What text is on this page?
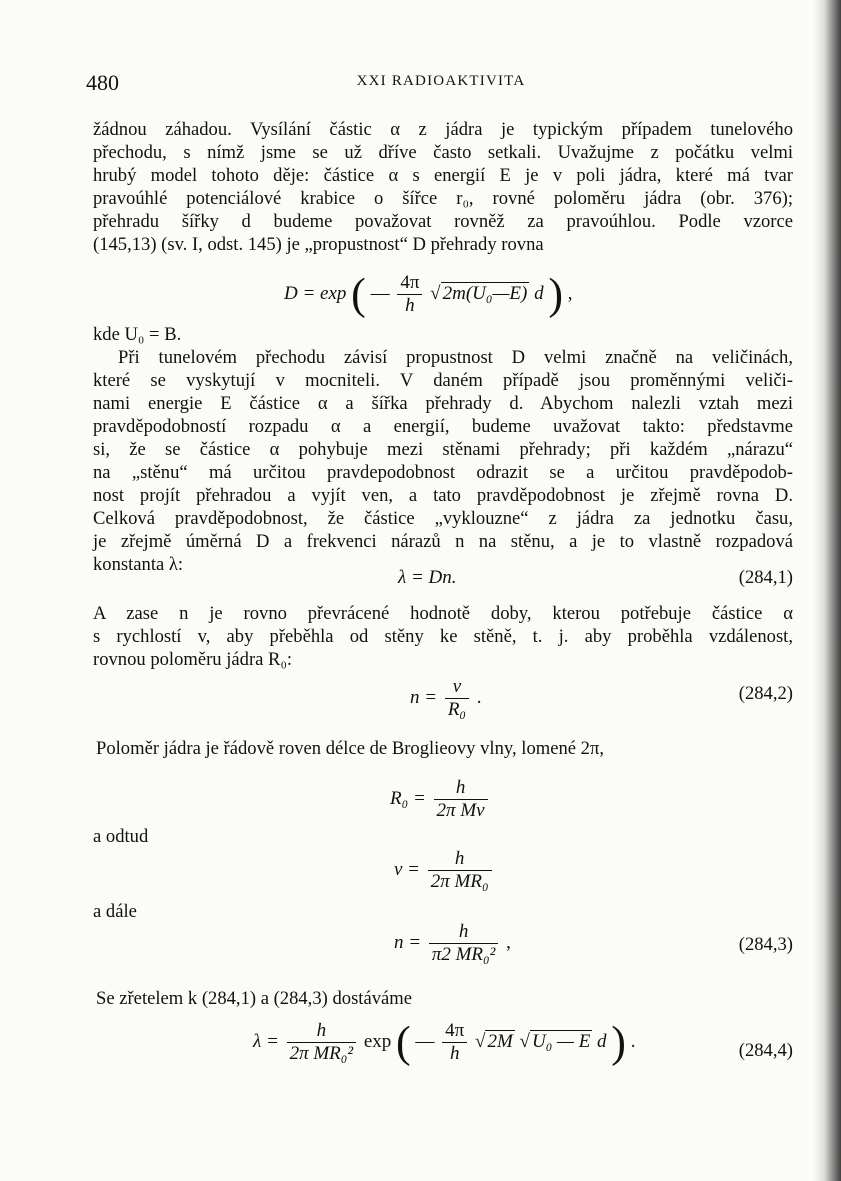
480	XXI RADIOAKTIVITA
žádnou záhadou. Vysílání částic α z jádra je typickým případem tunelového
přechodu, s nímž jsme se už dříve často setkali. Uvažujme z počátku velmi
hrubý model tohoto děje: částice α s energií E je v poli jádra, které má tvar
pravoúhlé potenciálové krabice o šířce r₀, rovné poloměru jádra (obr. 376);
přehradu šířky d budeme považovat rovněž za pravoúhlou. Podle vzorce
(145,13) (sv. I, odst. 145) je „propustnost“ D přehrady rovna
D = exp ( — $\frac{4\pi}{h}$ √ 2m(U₀—E) d ) ,
kde U₀ = B.
Při tunelovém přechodu závisí propustnost D velmi značně na veličinách,
které se vyskytují v mocniteli. V daném případě jsou proměnnými veliči-
nami energie E částice α a šířka přehrady d. Abychom nalezli vztah mezi
pravděpodobností rozpadu α a energií, budeme uvažovat takto: představme
si, že se částice α pohybuje mezi stěnami přehrady; při každém „nárazu“
na „stěnu“ má určitou pravdepodobnost odrazit se a určitou pravděpodob-
nost projít přehradou a vyjít ven, a tato pravděpodobnost je zřejmě rovna D.
Celková pravděpodobnost, že částice „vyklouzne“ z jádra za jednotku času,
je zřejmě úměrná D a frekvenci nárazů n na stěnu, a je to vlastně rozpadová
konstanta λ:
λ = Dn.	(284,1)
A zase n je rovno převrácené hodnotě doby, kterou potřebuje částice α
s rychlostí v, aby přeběhla od stěny ke stěně, t. j. aby proběhla vzdálenost,
rovnou poloměru jádra R₀:
$n = \frac{v}{\text{R₀}}$ .	(284,2)
Poloměr jádra je řádově roven délce de Broglieovy vlny, lomené 2π,
$R_0 = \frac{h}{\text{2π Mv}}$
a odtud
$v = \frac{h}{\text{2π MR₀}}$
a dále
$n = \frac{h}{\text{π2 MR₀²}}$ ,	(284,3)
Se zřetelem k (284,1) a (284,3) dostáváme
$\lambda = \frac{h}{\text{2π MR₀²}}$ exp ( — $\frac{4\pi}{h}$ √ 2M √ U₀ — E d ) .	(284,4)
